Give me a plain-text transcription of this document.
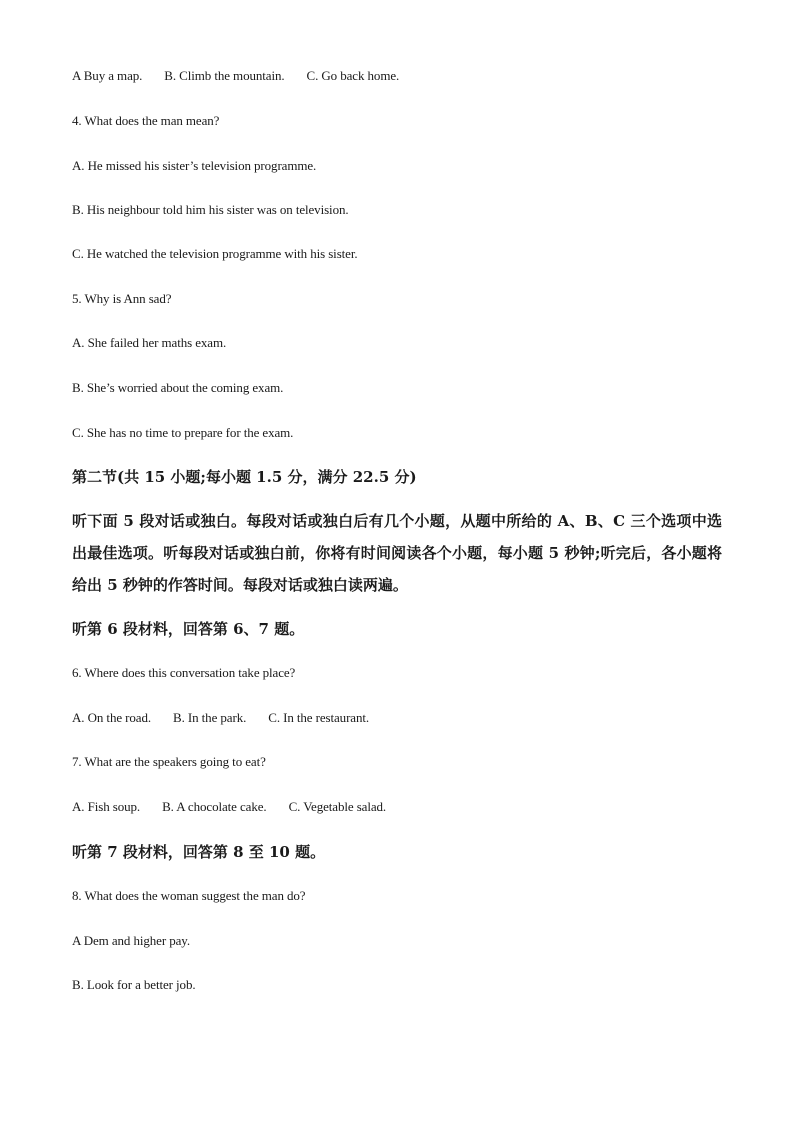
A Buy a map. B. Climb the mountain. C. Go back home.
4. What does the man mean?
A. He missed his sister’s television programme.
B. His neighbour told him his sister was on television.
C. He watched the television programme with his sister.
5. Why is Ann sad?
A. She failed her maths exam.
B. She’s worried about the coming exam.
C. She has no time to prepare for the exam.
第二节(共 15 小题;每小题 1.5 分，满分 22.5 分)
听下面 5 段对话或独白。每段对话或独白后有几个小题，从题中所给的 A、B、C 三个选项中选出最佳选项。听每段对话或独白前，你将有时间阅读各个小题，每小题 5 秒钟;听完后，各小题将给出 5 秒钟的作答时间。每段对话或独白读两遍。
听第 6 段材料，回答第 6、7 题。
6. Where does this conversation take place?
A. On the road. B. In the park. C. In the restaurant.
7. What are the speakers going to eat?
A. Fish soup. B. A chocolate cake. C. Vegetable salad.
听第 7 段材料，回答第 8 至 10 题。
8. What does the woman suggest the man do?
A Dem and higher pay.
B. Look for a better job.
